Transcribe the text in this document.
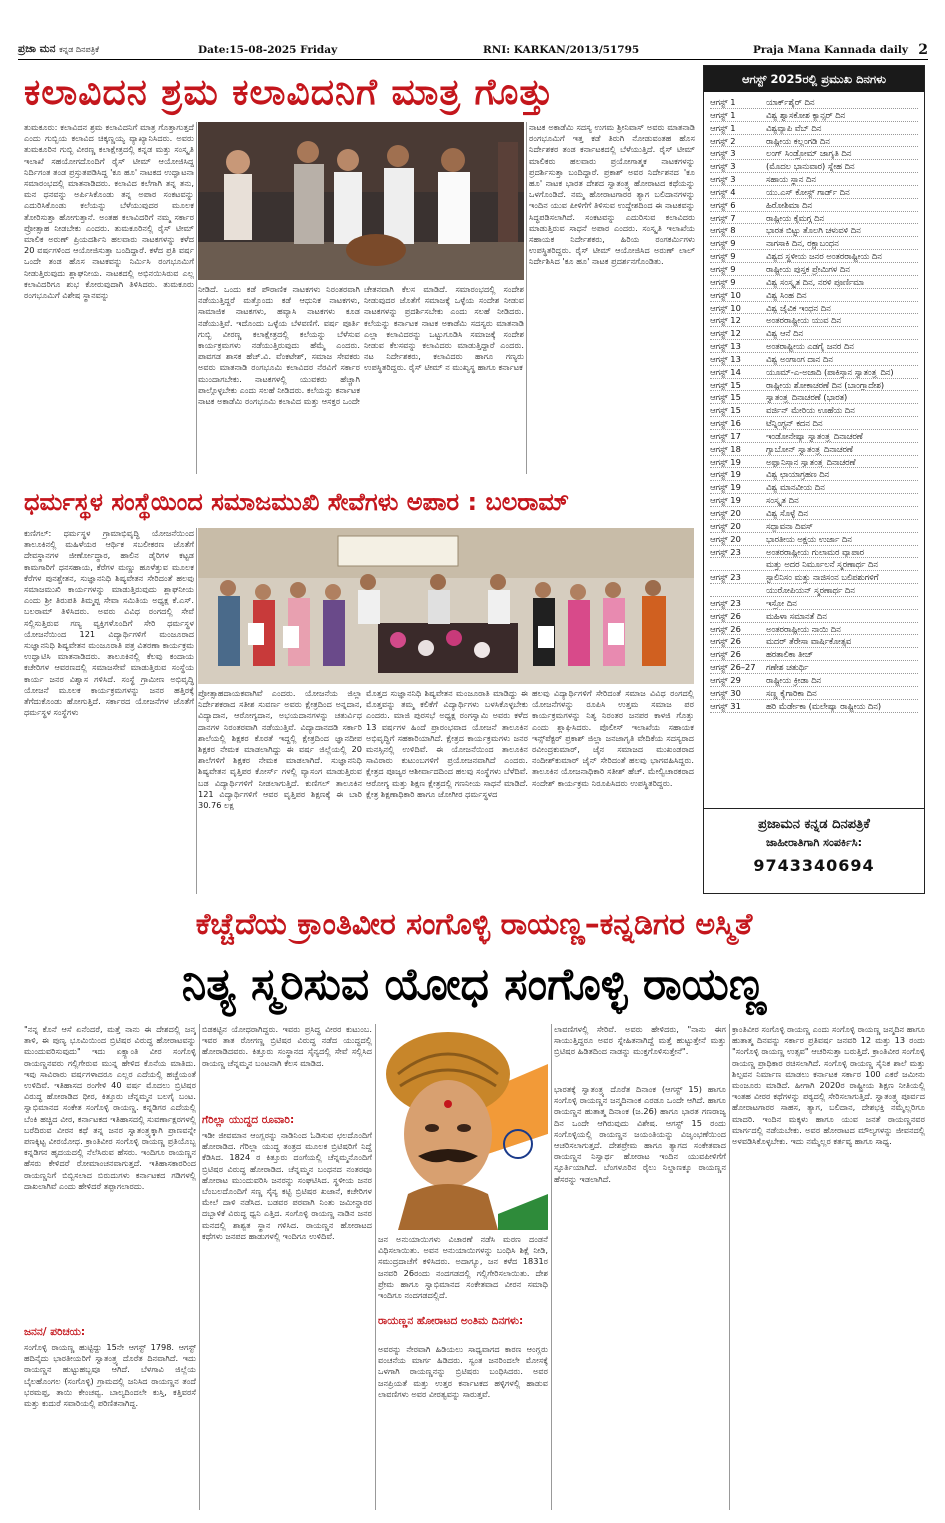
ಪ್ರಜಾ ಮನ ಕನ್ನಡ ದಿನಪತ್ರಿಕೆ	Date:15-08-2025 Friday	RNI: KARKAN/2013/51795	Praja Mana Kannada daily 2
ಕಲಾವಿದನ ಶ್ರಮ ಕಲಾವಿದನಿಗೆ ಮಾತ್ರ ಗೊತ್ತು
ತುಮಕೂರು: ಕಲಾವಿದನ ಶ್ರಮ ಕಲಾವಿದನಿಗೆ ಮಾತ್ರ ಗೊತ್ತಾಗುತ್ತದೆ ಎಂದು ಗುಬ್ಬಿಯ ಕಲಾವಿದ ಚಿಕ್ಕಣ್ಣಯ್ಯ ವ್ಯಾಖ್ಯಾನಿಸಿದರು. ಅವರು ತುಮಕೂರಿನ ಗುಬ್ಬಿ ವೀರಣ್ಣ ಕಲಾಕ್ಷೇತ್ರದಲ್ಲಿ ಕನ್ನಡ ಮತ್ತು ಸಂಸ್ಕೃತಿ ಇಲಾಖೆ ಸಹಯೋಗದೊಂದಿಗೆ ರೈಸ್ ಟೀಮ್ ಆಯೋಜಿಸಿದ್ದ ನಿರ್ದಿಗಂತ ತಂಡ ಪ್ರಸ್ತುತಪಡಿಸಿದ್ದ 'ಕೂ ಹೂ' ನಾಟಕದ ಉದ್ಘಾಟನಾ ಸಮಾರಂಭದಲ್ಲಿ ಮಾತನಾಡಿದರು. ಕಲಾವಿದ ಕಲೆಗಾಗಿ ತನ್ನ ತನು, ಮನ ಧನವನ್ನು ಅರ್ಪಿಸಿಕೊಂಡು ತನ್ನ ಅಪಾರ ಸಂಕಟವನ್ನು ಎದುರಿಸಿಕೊಂಡು ಕಲೆಯನ್ನು ಬೆಳೆಯುವುದರ ಮೂಲಕ ತೋರಿಸುತ್ತಾ ಹೋಗುತ್ತಾನೆ. ಅಂತಹ ಕಲಾವಿದರಿಗೆ ನಮ್ಮ ಸರ್ಕಾರ ಪ್ರೋತ್ಸಾಹ ನೀಡಬೇಕು ಎಂದರು. ತುಮಕೂರಿನಲ್ಲಿ ರೈಸ್ ಟೀಮ್ ಮಾಲಿಕ ಅರುಣ್ ಪ್ರಿಯದರ್ಶಿನಿ ಹಲವಾರು ನಾಟಕಗಳನ್ನು ಕಳೆದ 20 ವರ್ಷಗಳಿಂದ ಆಯೋಜಿಸುತ್ತಾ ಬಂದಿದ್ದಾರೆ. ಕಳೆದ ಪ್ರತಿ ವರ್ಷ ಒಂದೇ ತಂಡ ಹೊಸ ನಾಟಕವನ್ನು ನಿರ್ಮಿಸಿ ರಂಗಭೂಮಿಗೆ ನೀಡುತ್ತಿರುವುದು ಶ್ಲಾಘನೀಯ. ನಾಟಕದಲ್ಲಿ ಅಭಿನಯಿಸಿರುವ ಎಲ್ಲ ಕಲಾವಿದರಿಗೂ ಶುಭ ಕೋರುವುದಾಗಿ ತಿಳಿಸಿದರು. ತುಮಕೂರು ರಂಗಭೂಮಿಗೆ ವಿಶೇಷ ಸ್ಥಾನವನ್ನು
ನೀಡಿದೆ. ಒಂದು ಕಡೆ ಪೌರಾಣಿಕ ನಾಟಕಗಳು ನಿರಂತರವಾಗಿ ನಡೆಯುತ್ತಿದ್ದರೆ ಮತ್ತೊಂದು ಕಡೆ ಆಧುನಿಕ ನಾಟಕಗಳು, ಸಾಮಾಜಿಕ ನಾಟಕಗಳು, ಹವ್ಯಾಸಿ ನಾಟಕಗಳು ಕೂಡ ನಡೆಯುತ್ತಿವೆ. ಇದೊಂದು ಒಳ್ಳೆಯ ಬೆಳವಣಿಗೆ. ವರ್ಷ ಪೂರ್ತಿ ಗುಬ್ಬಿ ವೀರಣ್ಣ ಕಲಾಕ್ಷೇತ್ರದಲ್ಲಿ ಕಲೆಯನ್ನು ಬೆಳೆಸುವ ಕಾರ್ಯಕ್ರಮಗಳು ನಡೆಯುತ್ತಿರುವುದು ಹೆಮ್ಮೆ ಎಂದರು. ಪಾವಗಡ ಶಾಸಕ ಹೆಚ್.ವಿ. ವೆಂಕಟೇಶ್, ಸಮಾಜ ಸೇವಕರು ಅವರು ಮಾತನಾಡಿ ರಂಗಭೂಮಿ ಕಲಾವಿದರ ನೆರವಿಗೆ ಸರ್ಕಾರ ಮುಂದಾಗಬೇಕು. ನಾಟಕಗಳಲ್ಲಿ ಯುವಕರು ಹೆಚ್ಚಾಗಿ ಪಾಲ್ಗೊಳ್ಳಬೇಕು ಎಂದು ಸಲಹೆ ನೀಡಿದರು. ಕಲೆಯನ್ನು ಕರ್ನಾಟಕ ನಾಟಕ ಅಕಾಡೆಮಿ ರಂಗಭೂಮಿ ಕಲಾವಿದ ಮತ್ತು ಆಸಕ್ತರ ಒಂದೇ
ಚೇತನವಾಗಿ ಕೆಲಸ ಮಾಡಿದೆ. ಸಮಾರಂಭದಲ್ಲಿ ಸಂದೇಶ ನೀಡುವುದರ ಜೊತೆಗೆ ಸಮಾಜಕ್ಕೆ ಒಳ್ಳೆಯ ಸಂದೇಶ ನೀಡುವ ನಾಟಕಗಳನ್ನು ಪ್ರದರ್ಶಿಸಬೇಕು ಎಂದು ಸಲಹೆ ನೀಡಿದರು. ಕಲೆಯನ್ನು ಕರ್ನಾಟಕ ನಾಟಕ ಅಕಾಡೆಮಿ ಸದಸ್ಯರು ಮಾತನಾಡಿ ಎಲ್ಲಾ ಕಲಾವಿದರನ್ನು ಒಟ್ಟುಗೂಡಿಸಿ ಸಮಾಜಕ್ಕೆ ಸಂದೇಶ ನೀಡುವ ಕೆಲಸವನ್ನು ಕಲಾವಿದರು ಮಾಡುತ್ತಿದ್ದಾರೆ ಎಂದರು. ನಟ ನಿರ್ದೇಶಕರು, ಕಲಾವಿದರು ಹಾಗೂ ಗಣ್ಯರು ಉಪಸ್ಥಿತರಿದ್ದರು. ರೈಸ್ ಟೀಮ್ ನ ಮುಖ್ಯಸ್ಥ ಹಾಗೂ ಕರ್ನಾಟಕ
ನಾಟಕ ಅಕಾಡೆಮಿ ಸದಸ್ಯ ಉಗಮ ಶ್ರೀನಿವಾಸ್ ಅವರು ಮಾತನಾಡಿ ರಂಗಭೂಮಿಗೆ ಇತ್ತ ಕಡೆ ತಿರುಗಿ ನೋಡುವಂತಹ ಹೊಸ ನಿರ್ದೇಶಕರ ತಂಡ ಕರ್ನಾಟಕದಲ್ಲಿ ಬೆಳೆಯುತ್ತಿದೆ. ರೈಸ್ ಟೀಮ್ ಮಾಲಿಕರು ಹಲವಾರು ಪ್ರಯೋಗಾತ್ಮಕ ನಾಟಕಗಳನ್ನು ಪ್ರದರ್ಶಿಸುತ್ತಾ ಬಂದಿದ್ದಾರೆ. ಪ್ರಕಾಶ್ ಅವರ ನಿರ್ದೇಶನದ 'ಕೂ ಹೂ' ನಾಟಕ ಭಾರತ ದೇಶದ ಸ್ವಾತಂತ್ರ್ಯ ಹೋರಾಟದ ಕಥೆಯನ್ನು ಒಳಗೊಂಡಿದೆ. ನಮ್ಮ ಹೋರಾಟಗಾರರ ತ್ಯಾಗ ಬಲಿದಾನಗಳನ್ನು ಇಂದಿನ ಯುವ ಪೀಳಿಗೆಗೆ ತಿಳಿಸುವ ಉದ್ದೇಶದಿಂದ ಈ ನಾಟಕವನ್ನು ಸಿದ್ಧಪಡಿಸಲಾಗಿದೆ. ಸಂಕಟವನ್ನು ಎದುರಿಸುವ ಕಲಾವಿದರು ಮಾಡುತ್ತಿರುವ ಸಾಧನೆ ಅಪಾರ ಎಂದರು. ಸಂಸ್ಕೃತಿ ಇಲಾಖೆಯ ಸಹಾಯಕ ನಿರ್ದೇಶಕರು, ಹಿರಿಯ ರಂಗಕರ್ಮಿಗಳು ಉಪಸ್ಥಿತರಿದ್ದರು. ರೈಸ್ ಟೀಮ್ ಆಯೋಜಿಸಿದ ಅರುಣ್ ಲಾಲ್ ನಿರ್ದೇಶಿಸಿದ 'ಕೂ ಹೂ' ನಾಟಕ ಪ್ರದರ್ಶನಗೊಂಡಿತು.
ಧರ್ಮಸ್ಥಳ ಸಂಸ್ಥೆಯಿಂದ ಸಮಾಜಮುಖಿ ಸೇವೆಗಳು ಅಪಾರ : ಬಲರಾಮ್
ಕುಣಿಗಲ್: ಧರ್ಮಸ್ಥಳ ಗ್ರಾಮಾಭಿವೃದ್ಧಿ ಯೋಜನೆಯಿಂದ ತಾಲೂಕಿನಲ್ಲಿ ಮಹಿಳೆಯರ ಆರ್ಥಿಕ ಸಬಲೀಕರಣ ಜೊತೆಗೆ ದೇವಸ್ಥಾನಗಳ ಜೀರ್ಣೋದ್ಧಾರ, ಹಾಲಿನ ಡೈರಿಗಳ ಕಟ್ಟಡ ಕಾಮಗಾರಿಗೆ ಧನಸಹಾಯ, ಕೆರೆಗಳ ಮಣ್ಣು ಹೂಳೆತ್ತುವ ಮೂಲಕ ಕೆರೆಗಳ ಪುನಶ್ಚೇತನ, ಸುಜ್ಞಾನನಿಧಿ ಶಿಷ್ಯವೇತನ ಸೇರಿದಂತೆ ಹಲವು ಸಮಾಜಮುಖಿ ಕಾರ್ಯಗಳನ್ನು ಮಾಡುತ್ತಿರುವುದು ಶ್ಲಾಘನೀಯ ಎಂದು ಶ್ರೀ ತಿರುಪತಿ ತಿಮ್ಮಪ್ಪ ಸೇವಾ ಸಮಿತಿಯ ಅಧ್ಯಕ್ಷ ಕೆ.ಎಸ್. ಬಲರಾಮ್ ತಿಳಿಸಿದರು. ಅವರು ವಿವಿಧ ರಂಗದಲ್ಲಿ ಸೇವೆ ಸಲ್ಲಿಸುತ್ತಿರುವ ಗಣ್ಯ ವ್ಯಕ್ತಿಗಳೊಂದಿಗೆ ಸೇರಿ ಧರ್ಮಸ್ಥಳ ಯೋಜನೆಯಿಂದ 121 ವಿದ್ಯಾರ್ಥಿಗಳಿಗೆ ಮಂಜೂರಾದ ಸುಜ್ಞಾನನಿಧಿ ಶಿಷ್ಯವೇತನ ಮಂಜೂರಾತಿ ಪತ್ರ ವಿತರಣಾ ಕಾರ್ಯಕ್ರಮ ಉದ್ಘಾಟಿಸಿ ಮಾತನಾಡಿದರು. ತಾಲೂಕಿನಲ್ಲಿ ಕೆಲವು ಕಂದಾಯ ಕಚೇರಿಗಳ ಆವರಣದಲ್ಲಿ ಸಮಾಜಸೇವೆ ಮಾಡುತ್ತಿರುವ ಸಂಸ್ಥೆಯ ಕಾರ್ಯ ಜನರ ವಿಶ್ವಾಸ ಗಳಿಸಿದೆ. ಸಂಸ್ಥೆ ಗ್ರಾಮೀಣ ಅಭಿವೃದ್ಧಿ ಯೋಜನೆ ಮೂಲಕ ಕಾರ್ಯಕ್ರಮಗಳನ್ನು ಜನರ ಹತ್ತಿರಕ್ಕೆ ತೆಗೆದುಕೊಂಡು ಹೋಗುತ್ತಿದೆ. ಸರ್ಕಾರದ ಯೋಜನೆಗಳ ಜೊತೆಗೆ ಧರ್ಮಸ್ಥಳ ಸಂಸ್ಥೆಗಳು
ಪ್ರೋತ್ಸಾಹದಾಯಕವಾಗಿವೆ ಎಂದರು. ಯೋಜನೆಯ ಜಿಲ್ಲಾ ನಿರ್ದೇಶಕರಾದ ಸತೀಶ ಸುವರ್ಣ ಅವರು ಕ್ಷೇತ್ರದಿಂದ ಅನ್ನದಾನ, ವಿದ್ಯಾದಾನ, ಆರೋಗ್ಯದಾನ, ಅಭಯದಾನಗಳನ್ನು ಚತುರ್ವಿಧ ದಾನಗಳ ನಿರಂತರವಾಗಿ ನಡೆಯುತ್ತಿವೆ. ವಿದ್ಯಾದಾನದಡಿ ಸರ್ಕಾರಿ ಶಾಲೆಯಲ್ಲಿ ಶಿಕ್ಷಕರ ಕೊರತೆ ಇದ್ದಲ್ಲಿ ಕ್ಷೇತ್ರದಿಂದ ಜ್ಞಾನದೀಪ ಶಿಕ್ಷಕರ ನೇಮಕ ಮಾಡಲಾಗಿದ್ದು ಈ ವರ್ಷ ಜಿಲ್ಲೆಯಲ್ಲಿ 20 ಶಾಲೆಗಳಿಗೆ ಶಿಕ್ಷಕರ ನೇಮಕ ಮಾಡಲಾಗಿದೆ. ಸುಜ್ಞಾನನಿಧಿ ಶಿಷ್ಯವೇತನ ವೃತ್ತಿಪರ ಕೋರ್ಸ್ ಗಳಲ್ಲಿ ವ್ಯಾಸಂಗ ಮಾಡುತ್ತಿರುವ ಬಡ ವಿದ್ಯಾರ್ಥಿಗಳಿಗೆ ನೀಡಲಾಗುತ್ತಿದೆ. ಕುಣಿಗಲ್ ತಾಲೂಕಿನ 121 ವಿದ್ಯಾರ್ಥಿಗಳಿಗೆ ಆವರ ವೃತ್ತಿಪರ ಶಿಕ್ಷಣಕ್ಕೆ ಈ ಬಾರಿ 30.76 ಲಕ್ಷ
ಮೊತ್ತದ ಸುಜ್ಞಾನನಿಧಿ ಶಿಷ್ಯವೇತನ ಮಂಜೂರಾತಿ ಮಾಡಿದ್ದು ಈ ಮೊತ್ತವನ್ನು ತಮ್ಮ ಕಲಿಕೆಗೆ ವಿದ್ಯಾರ್ಥಿಗಳು ಬಳಸಿಕೊಳ್ಳಬೇಕು ಎಂದರು. ಮಾಜಿ ಪುರಸಭೆ ಅಧ್ಯಕ್ಷ ರಂಗಸ್ವಾಮಿ ಅವರು ಕಳೆದ 13 ವರ್ಷಗಳ ಹಿಂದೆ ಪ್ರಾರಂಭವಾದ ಯೋಜನೆ ತಾಲೂಕಿನ ಅಭಿವೃದ್ಧಿಗೆ ಸಹಕಾರಿಯಾಗಿದೆ. ಕ್ಷೇತ್ರದ ಕಾರ್ಯಕ್ರಮಗಳು ಜನರ ಮನಸ್ಸಿನಲ್ಲಿ ಉಳಿದಿವೆ. ಈ ಯೋಜನೆಯಿಂದ ತಾಲೂಕಿನ ಸಾವಿರಾರು ಕುಟುಂಬಗಳಿಗೆ ಪ್ರಯೋಜನವಾಗಿದೆ ಎಂದರು. ಕ್ಷೇತ್ರದ ಪೂಜ್ಯರ ಆಶೀರ್ವಾದದಿಂದ ಹಲವು ಸಂಸ್ಥೆಗಳು ಬೆಳೆದಿವೆ. ಆರೋಗ್ಯ ಮತ್ತು ಶಿಕ್ಷಣ ಕ್ಷೇತ್ರದಲ್ಲಿ ಗಣನೀಯ ಸಾಧನೆ ಮಾಡಿದೆ. ಕ್ಷೇತ್ರ ಶಿಕ್ಷಣಾಧಿಕಾರಿ ಹಾಗೂ ಜೋಗೀರ ಧರ್ಮಸ್ಥಳದ
ಹಲವು ವಿದ್ಯಾರ್ಥಿಗಳಿಗೆ ಸೇರಿದಂತೆ ಸಮಾಜ ವಿವಿಧ ರಂಗದಲ್ಲಿ ಯೋಜನೆಗಳನ್ನು ರೂಪಿಸಿ ಉತ್ತಮ ಸಮಾಜ ಪರ ಕಾರ್ಯಕ್ರಮಗಳನ್ನು ನಿತ್ಯ ನಿರಂತರ ಜನಪರ ಕಾಳಜಿ ಗೊತ್ತು ಎಂದು ಶ್ಲಾಘಿಸಿದರು. ಪೊಲೀಸ್ ಇಲಾಖೆಯ ಸಹಾಯಕ ಇನ್ಸ್‌ಪೆಕ್ಟರ್ ಪ್ರಕಾಶ್ ಜಿಲ್ಲಾ ಜನಜಾಗೃತಿ ವೇದಿಕೆಯ ಸದಸ್ಯರಾದ ರವೀಂದ್ರಕುಮಾರ್, ಜೈನ ಸಮಾಜದ ಮುಖಂಡರಾದ ನಂದೀಶ್‌ಕುಮಾರ್ ಜೈನ್ ಸೇರಿದಂತೆ ಹಲವು ಭಾಗವಹಿಸಿದ್ದರು. ತಾಲೂಕಿನ ಯೋಜನಾಧಿಕಾರಿ ಸತೀಶ್ ಹೆಚ್. ಮೇಲ್ವಿಚಾರಕರಾದ ಸಂದೇಶ್ ಕಾರ್ಯಕ್ರಮ ನಿರೂಪಿಸಿದರು ಉಪಸ್ಥಿತರಿದ್ದರು.
ಆಗಸ್ಟ್ 2025ರಲ್ಲಿ ಪ್ರಮುಖ ದಿನಗಳು
ಆಗಸ್ಟ್ 1	ಯಾರ್ಕ್‌ಶೈರ್ ದಿನ
ಆಗಸ್ಟ್ 1	ವಿಶ್ವ ಶ್ವಾಸಕೋಶ ಕ್ಯಾನ್ಸರ್ ದಿನ
ಆಗಸ್ಟ್ 1	ವಿಶ್ವವ್ಯಾಪಿ ವೆಬ್ ದಿನ
ಆಗಸ್ಟ್ 2	ರಾಷ್ಟ್ರೀಯ ಕಲ್ಲಂಗಡಿ ದಿನ
ಆಗಸ್ಟ್ 3	ಲಂಗ್ ಸಿಂಡ್ರೋಮ್ ಜಾಗೃತಿ ದಿನ
ಆಗಸ್ಟ್ 3	(ಮೊದಲ ಭಾನುವಾರ) ಸ್ನೇಹ ದಿನ
ಆಗಸ್ಟ್ 3	ಸಹಾಯ ಸ್ಥಾನ ದಿನ
ಆಗಸ್ಟ್ 4	ಯು.ಎಸ್ ಕೋಸ್ಟ್ ಗಾರ್ಡ್ ದಿನ
ಆಗಸ್ಟ್ 6	ಹಿರೋಶಿಮಾ ದಿನ
ಆಗಸ್ಟ್ 7	ರಾಷ್ಟ್ರೀಯ ಕೈಮಗ್ಗ ದಿನ
ಆಗಸ್ಟ್ 8	ಭಾರತ ಬಿಟ್ಟು ತೊಲಗಿ ಚಳುವಳಿ ದಿನ
ಆಗಸ್ಟ್ 9	ನಾಗಸಾಕಿ ದಿನ, ರಕ್ಷಾಬಂಧನ
ಆಗಸ್ಟ್ 9	ವಿಶ್ವದ ಸ್ಥಳೀಯ ಜನರ ಅಂತರರಾಷ್ಟ್ರೀಯ ದಿನ
ಆಗಸ್ಟ್ 9	ರಾಷ್ಟ್ರೀಯ ಪುಸ್ತಕ ಪ್ರೇಮಿಗಳ ದಿನ
ಆಗಸ್ಟ್ 9	ವಿಶ್ವ ಸಂಸ್ಕೃತ ದಿನ, ನರಳಿ ಪೂರ್ಣಿಮಾ
ಆಗಸ್ಟ್ 10	ವಿಶ್ವ ಸಿಂಹ ದಿನ
ಆಗಸ್ಟ್ 10	ವಿಶ್ವ ಜೈವಿಕ ಇಂಧನ ದಿನ
ಆಗಸ್ಟ್ 12	ಅಂತರರಾಷ್ಟ್ರೀಯ ಯುವ ದಿನ
ಆಗಸ್ಟ್ 12	ವಿಶ್ವ ಆನೆ ದಿನ
ಆಗಸ್ಟ್ 13	ಅಂತರಾಷ್ಟ್ರೀಯ ಎಡಗೈ ಜನರ ದಿನ
ಆಗಸ್ಟ್ 13	ವಿಶ್ವ ಅಂಗಾಂಗ ದಾನ ದಿನ
ಆಗಸ್ಟ್ 14	ಯೂಮ್-ಎ-ಅಜಾದಿ (ಪಾಕಿಸ್ತಾನ ಸ್ವಾತಂತ್ರ್ಯ ದಿನ)
ಆಗಸ್ಟ್ 15	ರಾಷ್ಟ್ರೀಯ ಶೋಕಾಚರಣೆ ದಿನ (ಬಾಂಗ್ಲಾದೇಶ)
ಆಗಸ್ಟ್ 15	ಸ್ವಾತಂತ್ರ್ಯ ದಿನಾಚರಣೆ (ಭಾರತ)
ಆಗಸ್ಟ್ 15	ವರ್ಜಿನ್ ಮೇರಿಯ ಊಹೆಯ ದಿನ
ಆಗಸ್ಟ್ 16	ಟೆನ್ನಿಂಗ್ಟನ್ ಕದನ ದಿನ
ಆಗಸ್ಟ್ 17	ಇಂಡೋನೇಷ್ಯಾ ಸ್ವಾತಂತ್ರ್ಯ ದಿನಾಚರಣೆ
ಆಗಸ್ಟ್ 18	ಗ್ಯಾಬೋನ್ ಸ್ವಾತಂತ್ರ್ಯ ದಿನಾಚರಣೆ
ಆಗಸ್ಟ್ 19	ಅಫ್ಘಾನಿಸ್ತಾನ ಸ್ವಾತಂತ್ರ್ಯ ದಿನಾಚರಣೆ
ಆಗಸ್ಟ್ 19	ವಿಶ್ವ ಛಾಯಾಗ್ರಹಣ ದಿನ
ಆಗಸ್ಟ್ 19	ವಿಶ್ವ ಮಾನವೀಯ ದಿನ
ಆಗಸ್ಟ್ 19	ಸಂಸ್ಕೃತ ದಿನ
ಆಗಸ್ಟ್ 20	ವಿಶ್ವ ಸೊಳ್ಳೆ ದಿನ
ಆಗಸ್ಟ್ 20	ಸದ್ಭಾವನಾ ದಿವಸ್
ಆಗಸ್ಟ್ 20	ಭಾರತೀಯ ಅಕ್ಷಯ ಉರ್ಜಾ ದಿನ
ಆಗಸ್ಟ್ 23	ಅಂತರರಾಷ್ಟ್ರೀಯ ಗುಲಾಮರ ವ್ಯಾಪಾರ
ಮತ್ತು ಅದರ ನಿರ್ಮೂಲನೆ ಸ್ಮರಣಾರ್ಥ ದಿನ
ಆಗಸ್ಟ್ 23	ಸ್ಟಾಲಿನಿಸಂ ಮತ್ತು ನಾಜಿಸಂನ ಬಲಿಪಶುಗಳಿಗೆ
ಯುರೋಪಿಯನ್ ಸ್ಮರಣಾರ್ಥ ದಿನ
ಆಗಸ್ಟ್ 23	ಇಸ್ರೋ ದಿನ
ಆಗಸ್ಟ್ 26	ಮಹಿಳಾ ಸಮಾನತೆ ದಿನ
ಆಗಸ್ಟ್ 26	ಅಂತರರಾಷ್ಟ್ರೀಯ ನಾಯಿ ದಿನ
ಆಗಸ್ಟ್ 26	ಮದರ್ ತೆರೇಸಾ ವಾರ್ಷಿಕೋತ್ಸವ
ಆಗಸ್ಟ್ 26	ಹರತಾಲಿಕಾ ತೀಜ್
ಆಗಸ್ಟ್ 26–27	ಗಣೇಶ ಚತುರ್ಥಿ
ಆಗಸ್ಟ್ 29	ರಾಷ್ಟ್ರೀಯ ಕ್ರೀಡಾ ದಿನ
ಆಗಸ್ಟ್ 30	ಸಣ್ಣ ಕೈಗಾರಿಕಾ ದಿನ
ಆಗಸ್ಟ್ 31	ಹರಿ ಮೆರ್ಡೇಕಾ (ಮಲೇಷ್ಯಾ ರಾಷ್ಟ್ರೀಯ ದಿನ)
ಪ್ರಜಾಮನ ಕನ್ನಡ ದಿನಪತ್ರಿಕೆ
ಜಾಹೀರಾತಿಗಾಗಿ ಸಂಪರ್ಕಿಸಿ:
9743340694
ಕೆಚ್ಚೆದೆಯ ಕ್ರಾಂತಿವೀರ ಸಂಗೊಳ್ಳಿ ರಾಯಣ್ಣ–ಕನ್ನಡಿಗರ ಅಸ್ಮಿತೆ
ನಿತ್ಯ ಸ್ಮರಿಸುವ ಯೋಧ ಸಂಗೊಳ್ಳಿ ರಾಯಣ್ಣ
"ನನ್ನ ಕೊನೆ ಆಸೆ ಏನೆಂದರೆ, ಮತ್ತೆ ನಾನು ಈ ದೇಶದಲ್ಲಿ ಜನ್ಮ ತಾಳಿ, ಈ ಪುಣ್ಯ ಭೂಮಿಯಿಂದ ಬ್ರಿಟಿಷರ ವಿರುದ್ಧ ಹೋರಾಟವನ್ನು ಮುಂದುವರಿಸುವುದು" ಇದು ಏಕ್ಸ್ಪಾಂತಿ ವೀರ ಸಂಗೊಳ್ಳಿ ರಾಯಣ್ಣನವರು ಗಲ್ಲಿಗೇರುವ ಮುನ್ನ ಹೇಳಿದ ಕೊನೆಯ ಮಾತಿದು. ಇವು ಸಾವಿರಾರು ವರ್ಷಗಳಾದರೂ ಎಲ್ಲರ ಎದೆಯಲ್ಲಿ ಹಚ್ಚೆಯಂತೆ ಉಳಿದಿವೆ. ಇತಿಹಾಸದ ರಂಗೇಳಿ 40 ವರ್ಷ ಮೊದಲು ಬ್ರಿಟಿಷರ ವಿರುದ್ಧ ಹೋರಾಡಿದ ಧೀರ, ಕಿತ್ತೂರು ಚೆನ್ನಮ್ಮನ ಬಲಗೈ ಬಂಟ. ಸ್ವಾಭಿಮಾನದ ಸಂಕೇತ ಸಂಗೊಳ್ಳಿ ರಾಯಣ್ಣ. ಕನ್ನಡಿಗರ ಎದೆಯಲ್ಲಿ ಬೆಂಕಿ ಹಚ್ಚಿದ ವೀರ, ಕರ್ನಾಟಕದ ಇತಿಹಾಸದಲ್ಲಿ ಸುವರ್ಣಾಕ್ಷರಗಳಲ್ಲಿ ಬರೆದಿರುವ ವೀರನ ಕಥೆ ತನ್ನ ಜನರ ಸ್ವಾತಂತ್ರ್ಯಕ್ಕಾಗಿ ಪ್ರಾಣವನ್ನೇ ಪಣಕ್ಕಿಟ್ಟ ವೀರಯೋಧ. ಕ್ರಾಂತಿವೀರ ಸಂಗೊಳ್ಳಿ ರಾಯಣ್ಣ ಪ್ರತಿಯೊಬ್ಬ ಕನ್ನಡಿಗನ ಹೃದಯದಲ್ಲಿ ನೆಲೆಸಿರುವ ಹೆಸರು. ಇಂದಿಗೂ ರಾಯಣ್ಣನ ಹೆಸರು ಕೇಳಿದರೆ ರೋಮಾಂಚನವಾಗುತ್ತದೆ. ಇತಿಹಾಸಕಾರರಿಂದ ರಾಯಣ್ಣನಿಗೆ ಬಿಬ್ಬಿಸಲಾದ ಬಿರುದುಗಳು ಕರ್ನಾಟಕದ ಗಡಿಗಳಲ್ಲಿ ದಾಖಲಾಗಿವೆ ಎಂದು ಹೇಳಿದರೆ ತಪ್ಪಾಗಲಾರದು.
ಜನನ/ ಪರಿಚಯ:
ಸಂಗೊಳ್ಳಿ ರಾಯಣ್ಣ ಹುಟ್ಟಿದ್ದು 15ನೇ ಆಗಸ್ಟ್ 1798. ಆಗಸ್ಟ್ ಹದಿನೈದು ಭಾರತೀಯರಿಗೆ ಸ್ವಾತಂತ್ರ್ಯ ದೊರೆತ ದಿನವಾಗಿದೆ. ಇದು ರಾಯಣ್ಣನ ಹುಟ್ಟುಹಬ್ಬವೂ ಆಗಿದೆ. ಬೆಳಗಾವಿ ಜಿಲ್ಲೆಯ ಬೈಲಹೊಂಗಲ (ಸಂಗೊಳ್ಳಿ) ಗ್ರಾಮದಲ್ಲಿ ಜನಿಸಿದ ರಾಯಣ್ಣನ ತಂದೆ ಭರಮಪ್ಪ, ತಾಯಿ ಕೇಂಚವ್ವ. ಬಾಲ್ಯದಿಂದಲೇ ಕುಸ್ತಿ, ಕತ್ತಿವರಸೆ ಮತ್ತು ಕುದುರೆ ಸವಾರಿಯಲ್ಲಿ ಪರಿಣಿತನಾಗಿದ್ದ.
ಬಿಡಕಟ್ಟಿನ ಯೋಧರಾಗಿದ್ದರು. ಇವರು ಪ್ರಸಿದ್ಧ ವೀರರ ಕುಟುಂಬ. ಇವರ ತಾತ ರೋಗಣ್ಣ ಬ್ರಿಟಿಷರ ವಿರುದ್ಧ ನಡೆದ ಯುದ್ಧದಲ್ಲಿ ಹೋರಾಡಿದವರು. ಕಿತ್ತೂರು ಸಂಸ್ಥಾನದ ಸೈನ್ಯದಲ್ಲಿ ಸೇವೆ ಸಲ್ಲಿಸಿದ ರಾಯಣ್ಣ ಚೆನ್ನಮ್ಮನ ಬಂಟನಾಗಿ ಕೆಲಸ ಮಾಡಿದ.
ಗೆರಿಲ್ಲಾ ಯುದ್ಧದ ರೂವಾರಿ:
ಇಡೀ ಜೀವಮಾನ ಆಂಗ್ಲರನ್ನು ನಾಡಿನಿಂದ ಓಡಿಸುವ ಛಲದೊಂದಿಗೆ ಹೋರಾಡಿದ. ಗೆರಿಲ್ಲಾ ಯುದ್ಧ ತಂತ್ರದ ಮೂಲಕ ಬ್ರಿಟಿಷರಿಗೆ ನಿದ್ದೆ ಕೆಡಿಸಿದ. 1824 ರ ಕಿತ್ತೂರು ದಂಗೆಯಲ್ಲಿ ಚೆನ್ನಮ್ಮನೊಂದಿಗೆ ಬ್ರಿಟಿಷರ ವಿರುದ್ಧ ಹೋರಾಡಿದ. ಚೆನ್ನಮ್ಮನ ಬಂಧನದ ನಂತರವೂ ಹೋರಾಟ ಮುಂದುವರಿಸಿ ಜನರನ್ನು ಸಂಘಟಿಸಿದ. ಸ್ಥಳೀಯ ಜನರ ಬೆಂಬಲದೊಂದಿಗೆ ಸಣ್ಣ ಸೈನ್ಯ ಕಟ್ಟಿ ಬ್ರಿಟಿಷರ ಖಜಾನೆ, ಕಚೇರಿಗಳ ಮೇಲೆ ದಾಳಿ ನಡೆಸಿದ. ಬಡವರ ಪರವಾಗಿ ನಿಂತು ಜಮೀನ್ದಾರರ ದಬ್ಬಾಳಿಕೆ ವಿರುದ್ಧ ಧ್ವನಿ ಎತ್ತಿದ. ಸಂಗೊಳ್ಳಿ ರಾಯಣ್ಣ ನಾಡಿನ ಜನರ ಮನದಲ್ಲಿ ಶಾಶ್ವತ ಸ್ಥಾನ ಗಳಿಸಿದ. ರಾಯಣ್ಣನ ಹೋರಾಟದ ಕಥೆಗಳು ಜನಪದ ಹಾಡುಗಳಲ್ಲಿ ಇಂದಿಗೂ ಉಳಿದಿವೆ.	ಜನ ಅನುಯಾಯಿಗಳು ವಿಚಾರಣೆ ನಡೆಸಿ ಮರಣ ದಂಡನೆ ವಿಧಿಸಲಾಯಿತು. ಅವನ ಅನುಯಾಯಿಗಳನ್ನು ಬಂಧಿಸಿ ಶಿಕ್ಷೆ ನೀಡಿ, ಸಮುದ್ರದಾಚೆಗೆ ಕಳಿಸಿದರು. ಅದಾಗ್ಯೂ, ಜನ ಕಳೆದ 1831ರ ಜನವರಿ 26ರಂದು ನಂದಗಡದಲ್ಲಿ ಗಲ್ಲಿಗೇರಿಸಲಾಯಿತು. ದೇಶ ಪ್ರೇಮ ಹಾಗೂ ಸ್ವಾಭಿಮಾನದ ಸಂಕೇತವಾದ ವೀರನ ಸಮಾಧಿ ಇಂದಿಗೂ ನಂದಗಡದಲ್ಲಿದೆ.
ರಾಯಣ್ಣನ ಹೋರಾಟದ ಅಂತಿಮ ದಿನಗಳು:
ಅವರನ್ನು ನೇರವಾಗಿ ಹಿಡಿಯಲು ಸಾಧ್ಯವಾಗದ ಕಾರಣ ಆಂಗ್ಲರು ವಂಚನೆಯ ಮಾರ್ಗ ಹಿಡಿದರು. ಸ್ವಂತ ಜನರಿಂದಲೇ ಮೋಸಕ್ಕೆ ಒಳಗಾಗಿ ರಾಯಣ್ಣನನ್ನು ಬ್ರಿಟಿಷರು ಬಂಧಿಸಿದರು. ಅವರ ಜನಪ್ರಿಯತೆ ಮತ್ತು ಉತ್ತರ ಕರ್ನಾಟಕದ ಹಳ್ಳಿಗಳಲ್ಲಿ ಹಾಡುವ ಲಾವಣಿಗಳು ಅವರ ವೀರತ್ವವನ್ನು ಸಾರುತ್ತವೆ.
ಲಾವಣಿಗಳಲ್ಲಿ ಸೇರಿವೆ. ಅವರು ಹೇಳಿದರು, "ನಾನು ಈಗ ಸಾಯುತ್ತಿದ್ದರೂ ಅವರ ಸ್ನೇಹಿತನಾಗಿದ್ದೆ ಮತ್ತೆ ಹುಟ್ಟುತ್ತೇನೆ ಮತ್ತು ಬ್ರಿಟಿಷರ ಹಿಡಿತದಿಂದ ನಾಡನ್ನು ಮುಕ್ತಗೊಳಿಸುತ್ತೇನೆ".
ಭಾರತಕ್ಕೆ ಸ್ವಾತಂತ್ರ್ಯ ದೊರೆತ ದಿನಾಂಕ (ಆಗಸ್ಟ್ 15) ಹಾಗೂ ಸಂಗೊಳ್ಳಿ ರಾಯಣ್ಣನ ಜನ್ಮದಿನಾಂಕ ಎರಡೂ ಒಂದೇ ಆಗಿದೆ. ಹಾಗೂ ರಾಯಣ್ಣನ ಹುತಾತ್ಮ ದಿನಾಂಕ (ಜ.26) ಹಾಗೂ ಭಾರತ ಗಣರಾಜ್ಯ ದಿನ ಒಂದೇ ಆಗಿರುವುದು ವಿಶೇಷ. ಆಗಸ್ಟ್ 15 ರಂದು ಸಂಗೊಳ್ಳಿಯಲ್ಲಿ ರಾಯಣ್ಣನ ಜಯಂತಿಯನ್ನು ವಿಜೃಂಭಣೆಯಿಂದ ಆಚರಿಸಲಾಗುತ್ತದೆ. ದೇಶಪ್ರೇಮ ಹಾಗೂ ತ್ಯಾಗದ ಸಂಕೇತವಾದ ರಾಯಣ್ಣನ ನಿಸ್ವಾರ್ಥ ಹೋರಾಟ ಇಂದಿನ ಯುವಪೀಳಿಗೆಗೆ ಸ್ಫೂರ್ತಿಯಾಗಿದೆ. ಬೆಂಗಳೂರಿನ ರೈಲು ನಿಲ್ದಾಣಕ್ಕೂ ರಾಯಣ್ಣನ ಹೆಸರನ್ನು ಇಡಲಾಗಿದೆ.
ಕ್ರಾಂತಿವೀರ ಸಂಗೊಳ್ಳಿ ರಾಯಣ್ಣ ಎಂದು ಸಂಗೊಳ್ಳಿ ರಾಯಣ್ಣ ಜನ್ಮದಿನ ಹಾಗೂ ಹುತಾತ್ಮ ದಿನವನ್ನು ಸರ್ಕಾರ ಪ್ರತಿವರ್ಷ ಜನವರಿ 12 ಮತ್ತು 13 ರಂದು "ಸಂಗೊಳ್ಳಿ ರಾಯಣ್ಣ ಉತ್ಸವ" ಆಚರಿಸುತ್ತಾ ಬರುತ್ತಿದೆ. ಕ್ರಾಂತಿವೀರ ಸಂಗೊಳ್ಳಿ ರಾಯಣ್ಣ ಪ್ರಾಧಿಕಾರ ರಚಿಸಲಾಗಿದೆ. ಸಂಗೊಳ್ಳಿ ರಾಯಣ್ಣ ಸೈನಿಕ ಶಾಲೆ ಮತ್ತು ಶಿಲ್ಪವನ ನಿರ್ಮಾಣ ಮಾಡಲು ಕರ್ನಾಟಕ ಸರ್ಕಾರ 100 ಎಕರೆ ಜಮೀನು ಮಂಜೂರು ಮಾಡಿದೆ. ಹೀಗಾಗಿ 2020ರ ರಾಷ್ಟ್ರೀಯ ಶಿಕ್ಷಣ ನೀತಿಯಲ್ಲಿ ಇಂತಹ ವೀರರ ಕಥೆಗಳನ್ನು ಪಠ್ಯದಲ್ಲಿ ಸೇರಿಸಲಾಗುತ್ತಿದೆ. ಸ್ವಾತಂತ್ರ್ಯ ಪೂರ್ವದ ಹೋರಾಟಗಾರರ ಸಾಹಸ, ತ್ಯಾಗ, ಬಲಿದಾನ, ದೇಶಭಕ್ತಿ ನಮ್ಮೆಲ್ಲರಿಗೂ ಮಾದರಿ. ಇಂದಿನ ಮಕ್ಕಳು ಹಾಗೂ ಯುವ ಜನತೆ ರಾಯಣ್ಣನವರ ಮಾರ್ಗದಲ್ಲಿ ನಡೆಯಬೇಕು. ಅವರ ಹೋರಾಟದ ಮೌಲ್ಯಗಳನ್ನು ಜೀವನದಲ್ಲಿ ಅಳವಡಿಸಿಕೊಳ್ಳಬೇಕು. ಇದು ನಮ್ಮೆಲ್ಲರ ಕರ್ತವ್ಯ ಹಾಗೂ ಸಾಧ್ಯ.
